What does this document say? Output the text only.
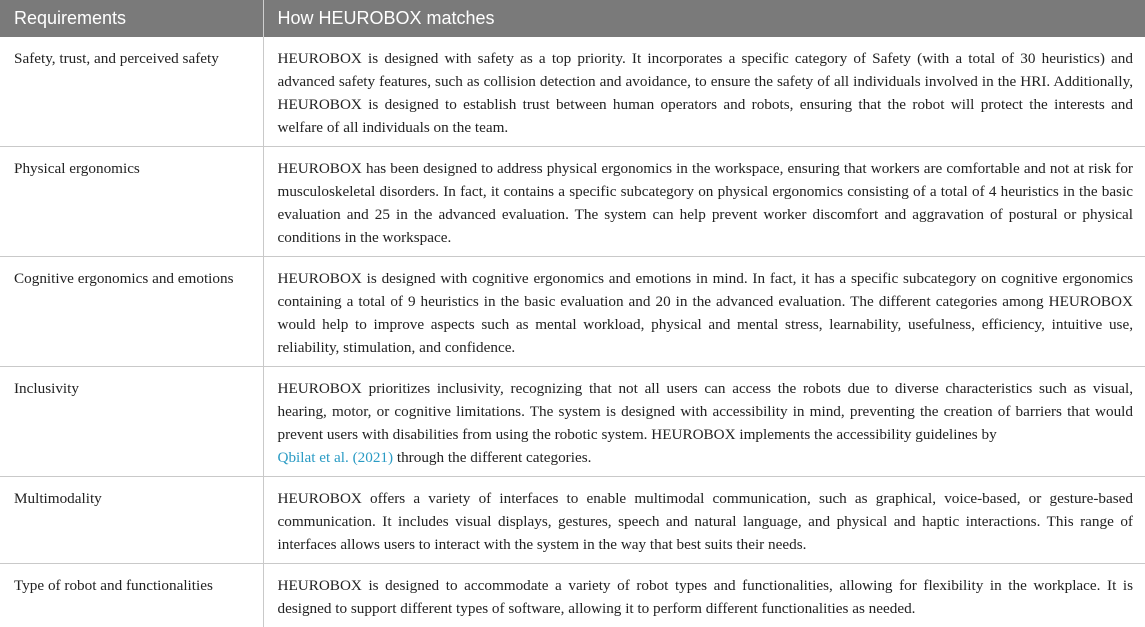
Requirements	How HEUROBOX matches
Safety, trust, and perceived safety	HEUROBOX is designed with safety as a top priority. It incorporates a specific category of Safety (with a total of 30 heuristics) and advanced safety features, such as collision detection and avoidance, to ensure the safety of all individuals involved in the HRI. Additionally, HEUROBOX is designed to establish trust between human operators and robots, ensuring that the robot will protect the interests and welfare of all individuals on the team.
Physical ergonomics	HEUROBOX has been designed to address physical ergonomics in the workspace, ensuring that workers are comfortable and not at risk for musculoskeletal disorders. In fact, it contains a specific subcategory on physical ergonomics consisting of a total of 4 heuristics in the basic evaluation and 25 in the advanced evaluation. The system can help prevent worker discomfort and aggravation of postural or physical conditions in the workspace.
Cognitive ergonomics and emotions	HEUROBOX is designed with cognitive ergonomics and emotions in mind. In fact, it has a specific subcategory on cognitive ergonomics containing a total of 9 heuristics in the basic evaluation and 20 in the advanced evaluation. The different categories among HEUROBOX would help to improve aspects such as mental workload, physical and mental stress, learnability, usefulness, efficiency, intuitive use, reliability, stimulation, and confidence.
Inclusivity	HEUROBOX prioritizes inclusivity, recognizing that not all users can access the robots due to diverse characteristics such as visual, hearing, motor, or cognitive limitations. The system is designed with accessibility in mind, preventing the creation of barriers that would prevent users with disabilities from using the robotic system. HEUROBOX implements the accessibility guidelines by
Qbilat et al. (2021) through the different categories.
Multimodality	HEUROBOX offers a variety of interfaces to enable multimodal communication, such as graphical, voice-based, or gesture-based communication. It includes visual displays, gestures, speech and natural language, and physical and haptic interactions. This range of interfaces allows users to interact with the system in the way that best suits their needs.
Type of robot and functionalities	HEUROBOX is designed to accommodate a variety of robot types and functionalities, allowing for flexibility in the workplace. It is designed to support different types of software, allowing it to perform different functionalities as needed.
